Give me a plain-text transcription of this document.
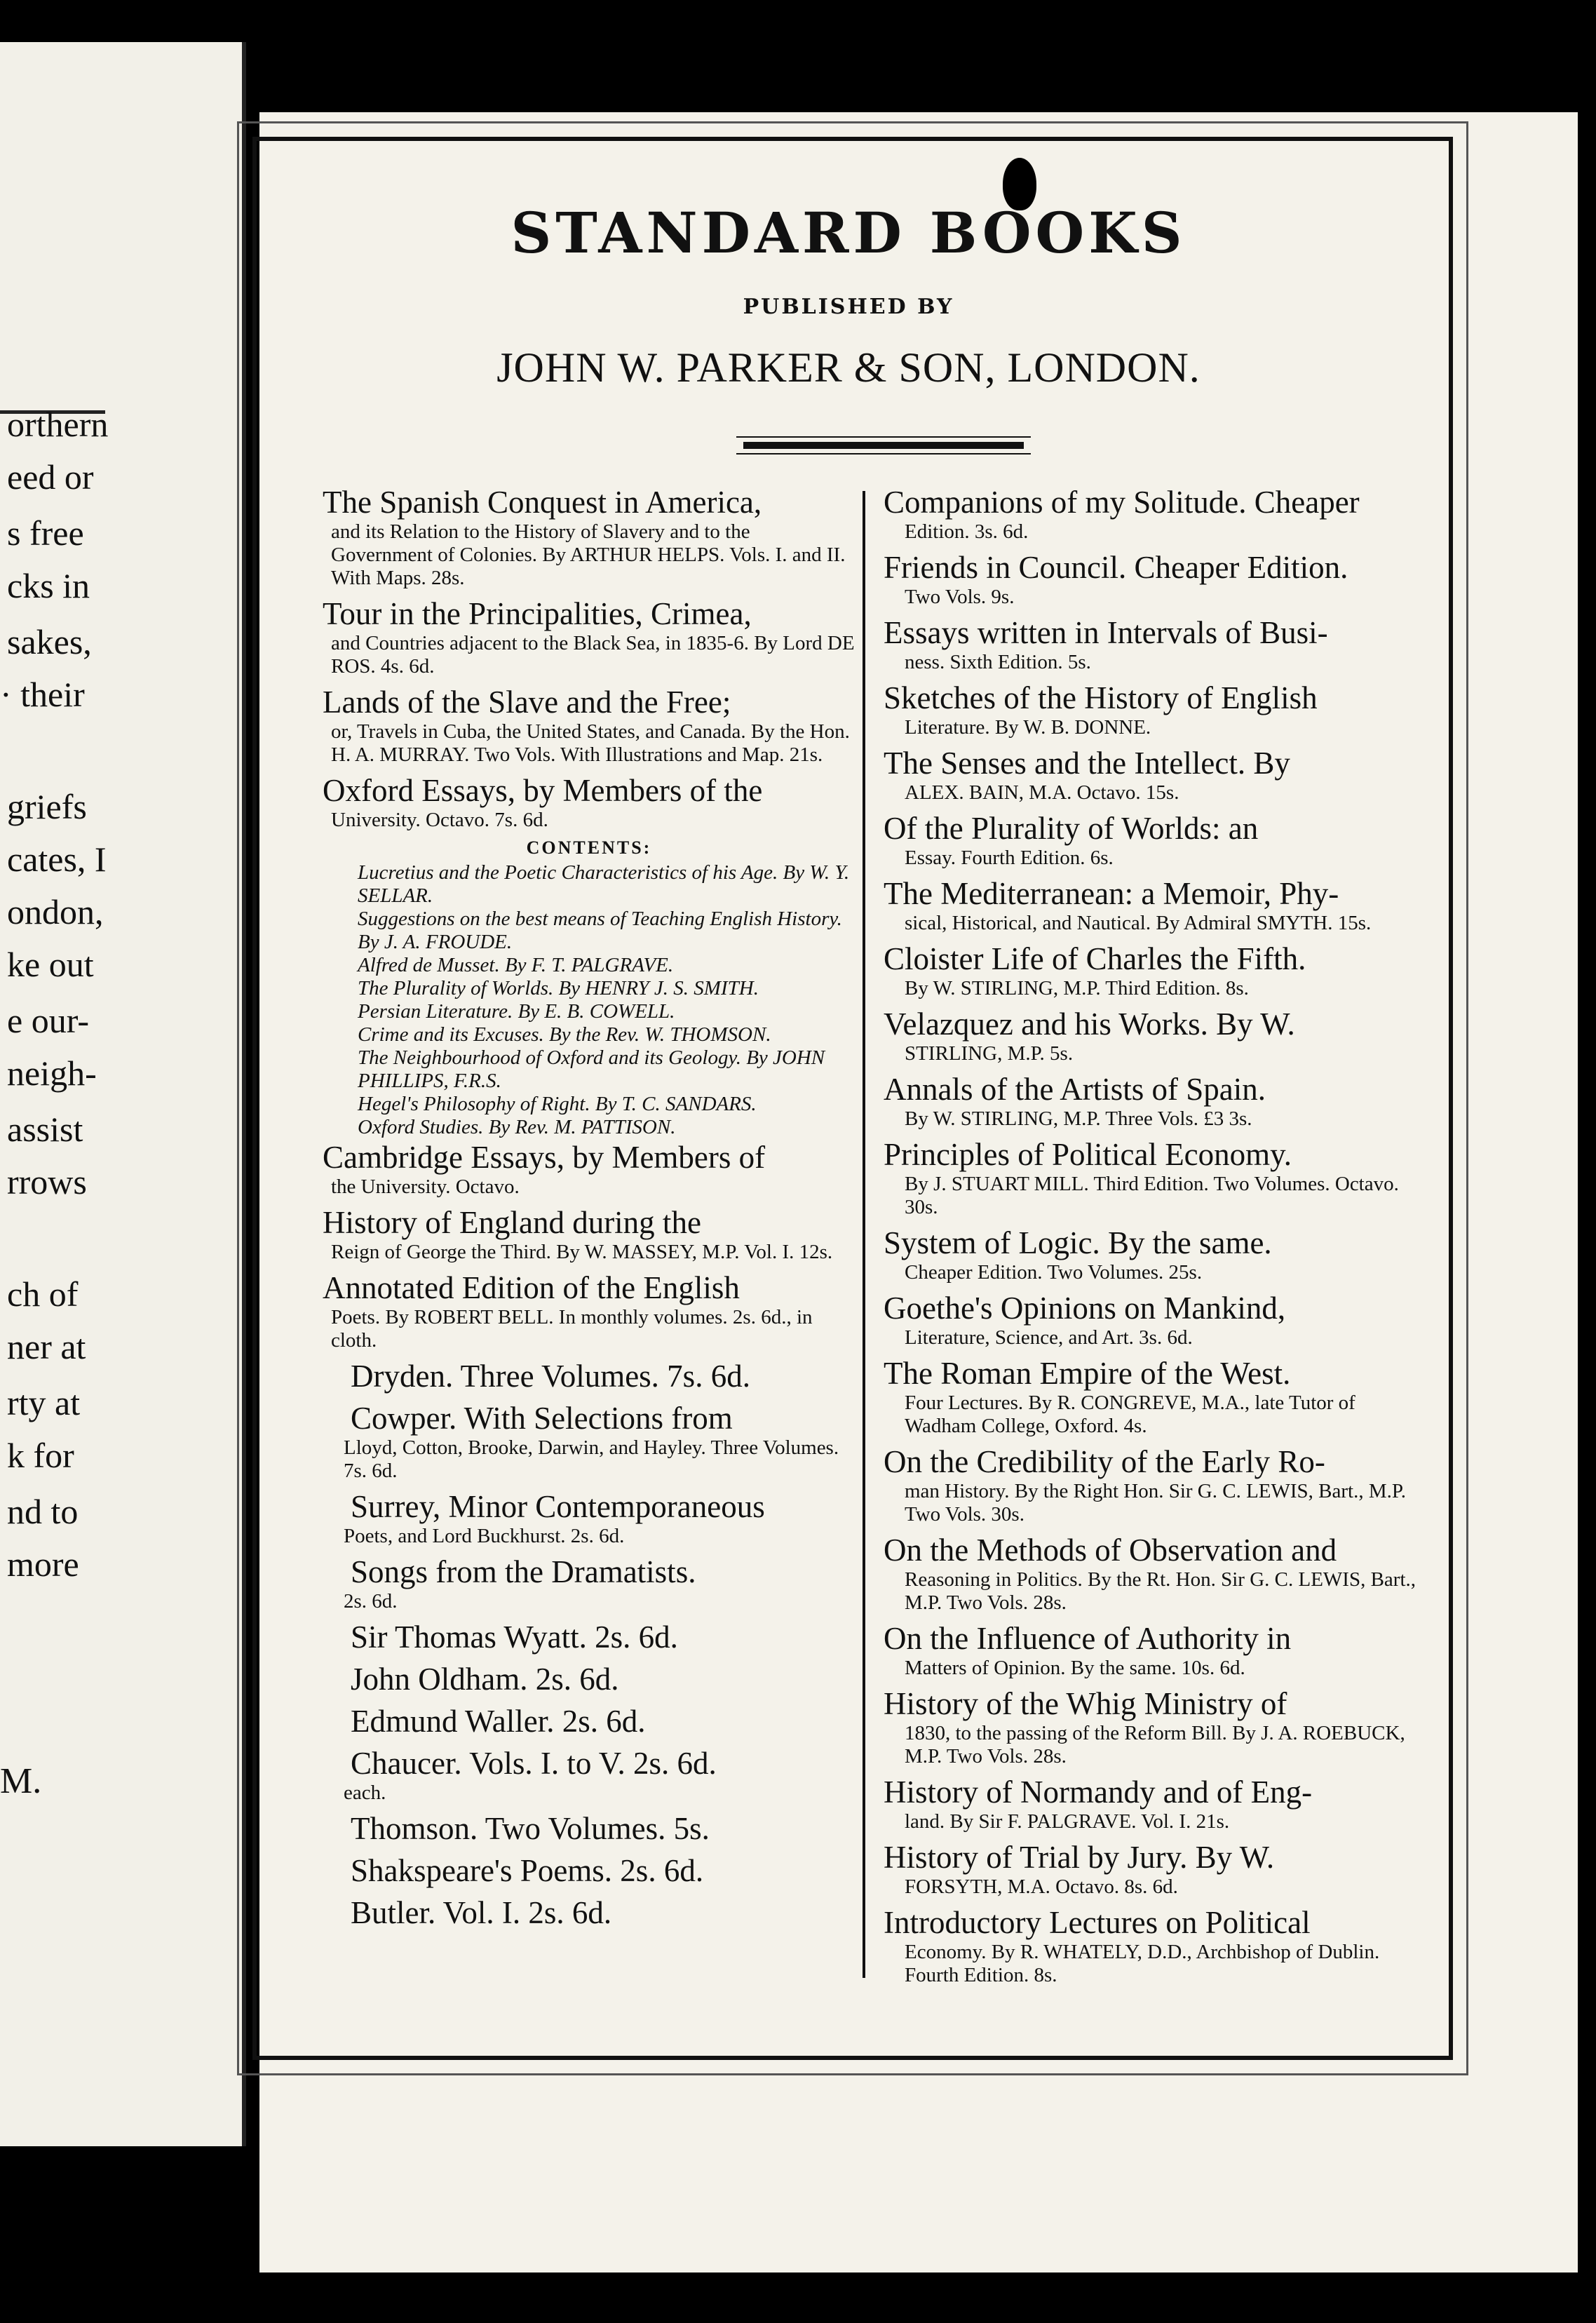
orthern
eed or
s free
cks in
sakes,
· their
griefs
cates, I
ondon,
ke out
e our-
neigh-
assist
rrows
ch of
ner at
rty at
k for
nd to
more
M.
STANDARD BOOKS
PUBLISHED BY
JOHN W. PARKER & SON, LONDON.
The Spanish Conquest in America,
and its Relation to the History of Slavery and to the Government of Colonies. By ARTHUR HELPS. Vols. I. and II. With Maps. 28s.
Tour in the Principalities, Crimea,
and Countries adjacent to the Black Sea, in 1835-6. By Lord DE ROS. 4s. 6d.
Lands of the Slave and the Free;
or, Travels in Cuba, the United States, and Canada. By the Hon. H. A. MURRAY. Two Vols. With Illustrations and Map. 21s.
Oxford Essays, by Members of the
University. Octavo. 7s. 6d.
CONTENTS:
Lucretius and the Poetic Characteristics of his Age. By W. Y. SELLAR.
Suggestions on the best means of Teaching English History. By J. A. FROUDE.
Alfred de Musset. By F. T. PALGRAVE.
The Plurality of Worlds. By HENRY J. S. SMITH.
Persian Literature. By E. B. COWELL.
Crime and its Excuses. By the Rev. W. THOMSON.
The Neighbourhood of Oxford and its Geology. By JOHN PHILLIPS, F.R.S.
Hegel's Philosophy of Right. By T. C. SANDARS.
Oxford Studies. By Rev. M. PATTISON.
Cambridge Essays, by Members of
the University. Octavo.
History of England during the
Reign of George the Third. By W. MASSEY, M.P. Vol. I. 12s.
Annotated Edition of the English
Poets. By ROBERT BELL. In monthly volumes. 2s. 6d., in cloth.
Dryden. Three Volumes. 7s. 6d.
Cowper. With Selections from
Lloyd, Cotton, Brooke, Darwin, and Hayley. Three Volumes. 7s. 6d.
Surrey, Minor Contemporaneous
Poets, and Lord Buckhurst. 2s. 6d.
Songs from the Dramatists.
2s. 6d.
Sir Thomas Wyatt. 2s. 6d.
John Oldham. 2s. 6d.
Edmund Waller. 2s. 6d.
Chaucer. Vols. I. to V. 2s. 6d.
each.
Thomson. Two Volumes. 5s.
Shakspeare's Poems. 2s. 6d.
Butler. Vol. I. 2s. 6d.
Companions of my Solitude. Cheaper
Edition. 3s. 6d.
Friends in Council. Cheaper Edition.
Two Vols. 9s.
Essays written in Intervals of Busi-
ness. Sixth Edition. 5s.
Sketches of the History of English
Literature. By W. B. DONNE.
The Senses and the Intellect. By
ALEX. BAIN, M.A. Octavo. 15s.
Of the Plurality of Worlds: an
Essay. Fourth Edition. 6s.
The Mediterranean: a Memoir, Phy-
sical, Historical, and Nautical. By Admiral SMYTH. 15s.
Cloister Life of Charles the Fifth.
By W. STIRLING, M.P. Third Edition. 8s.
Velazquez and his Works. By W.
STIRLING, M.P. 5s.
Annals of the Artists of Spain.
By W. STIRLING, M.P. Three Vols. £3 3s.
Principles of Political Economy.
By J. STUART MILL. Third Edition. Two Volumes. Octavo. 30s.
System of Logic. By the same.
Cheaper Edition. Two Volumes. 25s.
Goethe's Opinions on Mankind,
Literature, Science, and Art. 3s. 6d.
The Roman Empire of the West.
Four Lectures. By R. CONGREVE, M.A., late Tutor of Wadham College, Oxford. 4s.
On the Credibility of the Early Ro-
man History. By the Right Hon. Sir G. C. LEWIS, Bart., M.P. Two Vols. 30s.
On the Methods of Observation and
Reasoning in Politics. By the Rt. Hon. Sir G. C. LEWIS, Bart., M.P. Two Vols. 28s.
On the Influence of Authority in
Matters of Opinion. By the same. 10s. 6d.
History of the Whig Ministry of
1830, to the passing of the Reform Bill. By J. A. ROEBUCK, M.P. Two Vols. 28s.
History of Normandy and of Eng-
land. By Sir F. PALGRAVE. Vol. I. 21s.
History of Trial by Jury. By W.
FORSYTH, M.A. Octavo. 8s. 6d.
Introductory Lectures on Political
Economy. By R. WHATELY, D.D., Archbishop of Dublin. Fourth Edition. 8s.
